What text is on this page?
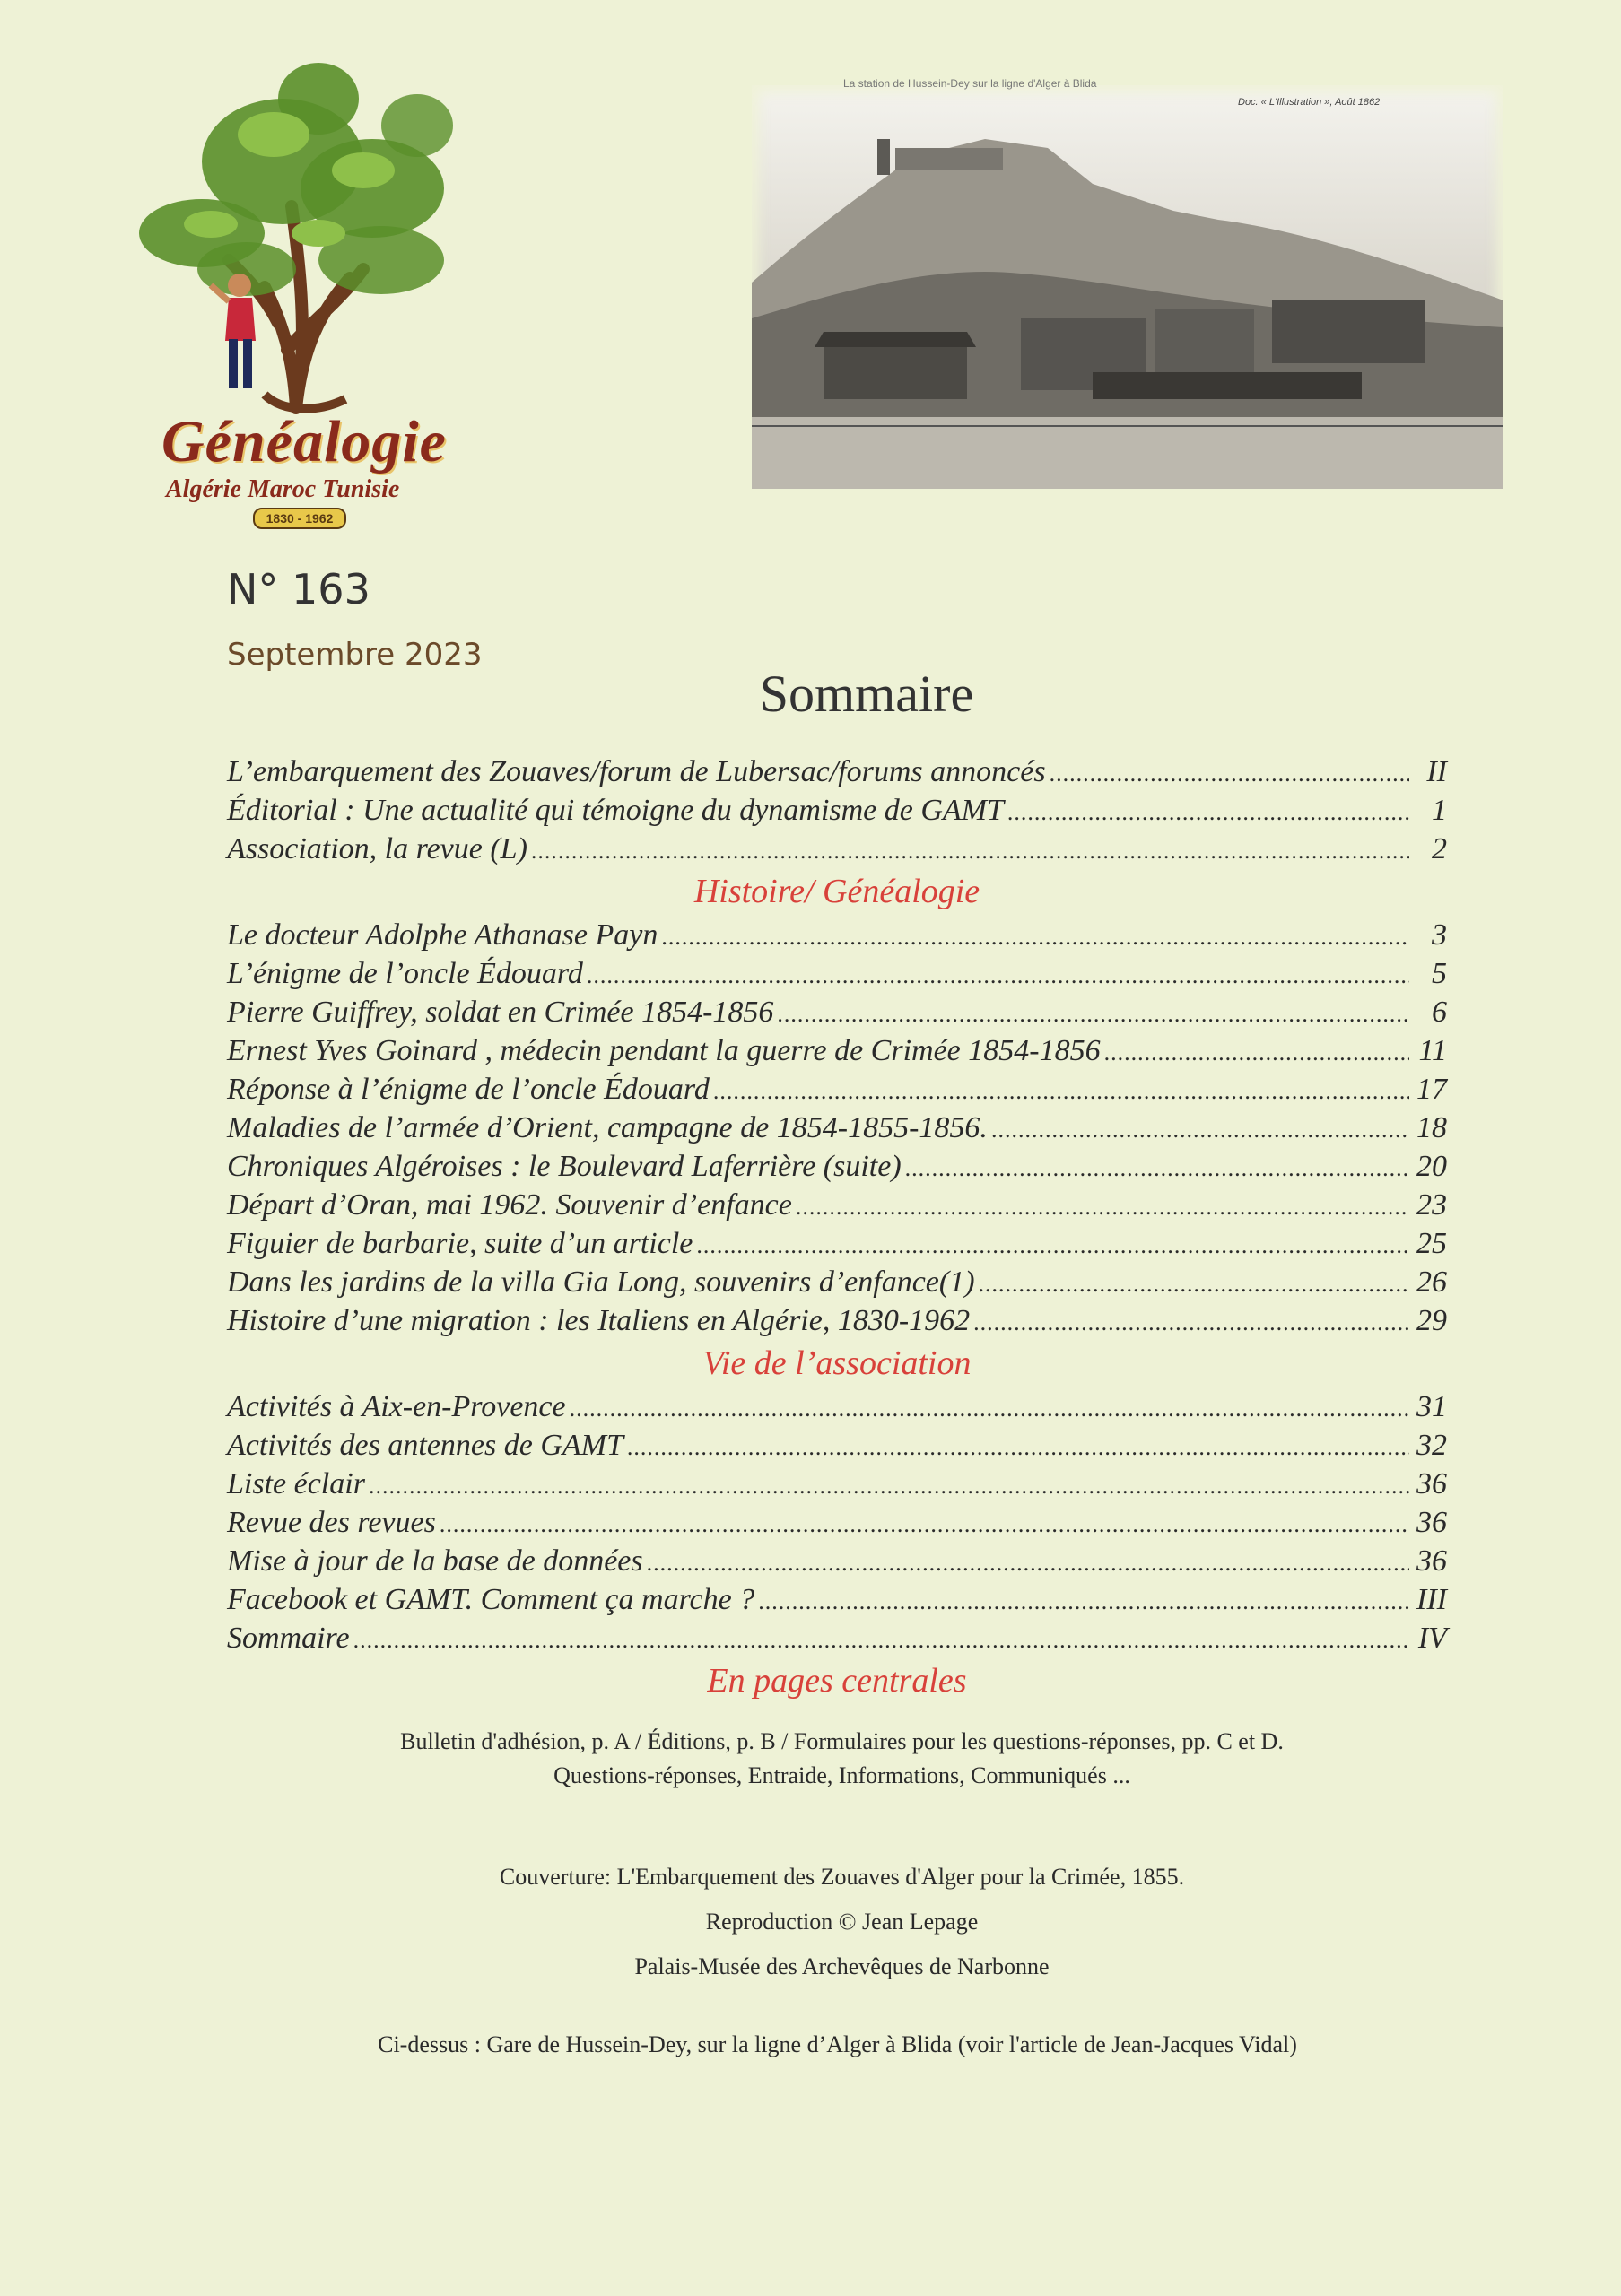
Généalogie
Algérie Maroc Tunisie
1830 - 1962
La station de Hussein-Dey sur la ligne d'Alger à Blida
Doc. « L'Illustration », Août 1862
N° 163
Septembre 2023
Sommaire
L’embarquement des Zouaves/forum de Lubersac/forums annoncés .....	II
Éditorial : Une actualité qui témoigne du dynamisme de GAMT .....	1
Association, la revue (L) .....	2
Histoire/ Généalogie
Le docteur Adolphe Athanase Payn .....	3
L’énigme de l’oncle Édouard .....	5
Pierre Guiffrey, soldat en Crimée 1854-1856 .....	6
Ernest Yves Goinard , médecin pendant la guerre de Crimée 1854-1856 .....	11
Réponse à l’énigme de l’oncle Édouard .....	17
Maladies de l’armée d’Orient, campagne de 1854-1855-1856. .....	18
Chroniques Algéroises : le Boulevard Laferrière (suite) .....	20
Départ d’Oran, mai 1962. Souvenir d’enfance .....	23
Figuier de barbarie, suite d’un article .....	25
Dans les jardins de la villa Gia Long, souvenirs d’enfance(1) .....	26
Histoire d’une migration : les Italiens en Algérie, 1830-1962 .....	29
Vie de l’association
Activités à Aix-en-Provence .....	31
Activités des antennes de GAMT .....	32
Liste éclair .....	36
Revue des revues .....	36
Mise à jour de la base de données .....	36
Facebook et GAMT. Comment ça marche ? .....	III
Sommaire .....	IV
En pages centrales
Bulletin d'adhésion, p. A / Éditions, p. B / Formulaires pour les questions-réponses, pp. C et D.
Questions-réponses, Entraide, Informations, Communiqués ...
Couverture: L'Embarquement des Zouaves d'Alger pour la Crimée, 1855.
Reproduction © Jean Lepage
Palais-Musée des Archevêques de Narbonne
Ci-dessus : Gare de Hussein-Dey, sur la ligne d’Alger à Blida (voir l'article de Jean-Jacques Vidal)
